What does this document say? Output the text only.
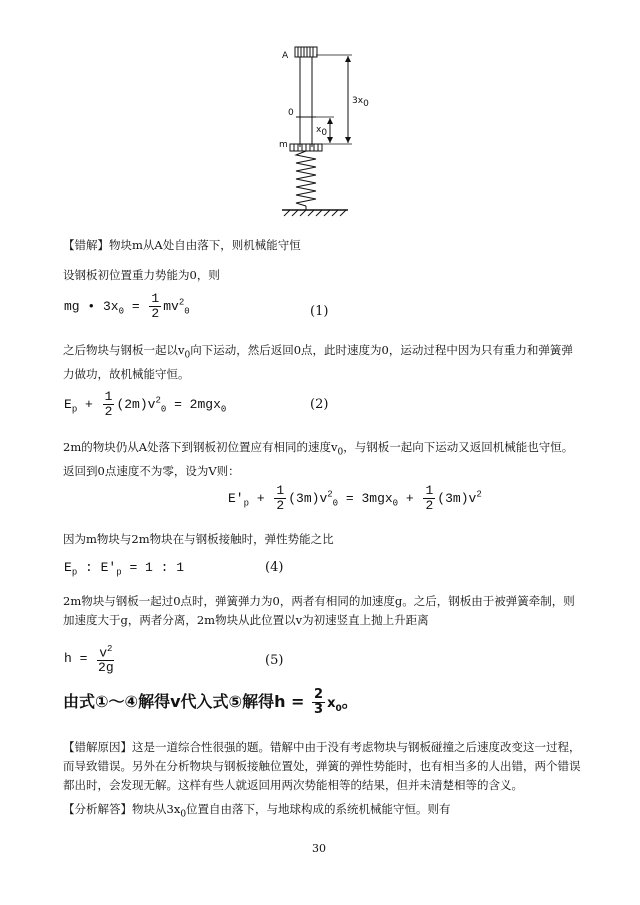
A
0
m
$3x_0$
$x_0$
【错解】物块m从A处自由落下，则机械能守恒
设钢板初位置重力势能为0，则
mg • $3x_0 = \frac{1}{2} mv^2_0$	(1)
之后物块与钢板一起以$v_0$向下运动，然后返回0点，此时速度为0，运动过程中因为只有重力和弹簧弹力做功，故机械能守恒。
$E_p + \frac{1}{2} (2m)v^2_0 = 2mgx_0$	(2)
2m的物块仍从A处落下到钢板初位置应有相同的速度$v_0$，与钢板一起向下运动又返回机械能也守恒。返回到0点速度不为零，设为V则：
$E'_p + \frac{1}{2} (3m)v^2_0 = 3mgx_0 + \frac{1}{2} (3m)v^2$
因为m物块与2m物块在与钢板接触时，弹性势能之比
$E_p$ : $E'_p = 1$ : 1	(4)
2m物块与钢板一起过0点时，弹簧弹力为0，两者有相同的加速度g。之后，钢板由于被弹簧牵制，则加速度大于g，两者分离，2m物块从此位置以v为初速竖直上抛上升距离
$h = \frac{v^2}{2g}$	(5)
由式①～④解得v代入式⑤解得$h = \frac{2}{3} x_0$。
【错解原因】这是一道综合性很强的题。错解中由于没有考虑物块与钢板碰撞之后速度改变这一过程，而导致错误。另外在分析物块与钢板接触位置处，弹簧的弹性势能时，也有相当多的人出错，两个错误都出时，会发现无解。这样有些人就返回用两次势能相等的结果，但并未清楚相等的含义。
【分析解答】物块从$3x_0$位置自由落下，与地球构成的系统机械能守恒。则有
30
